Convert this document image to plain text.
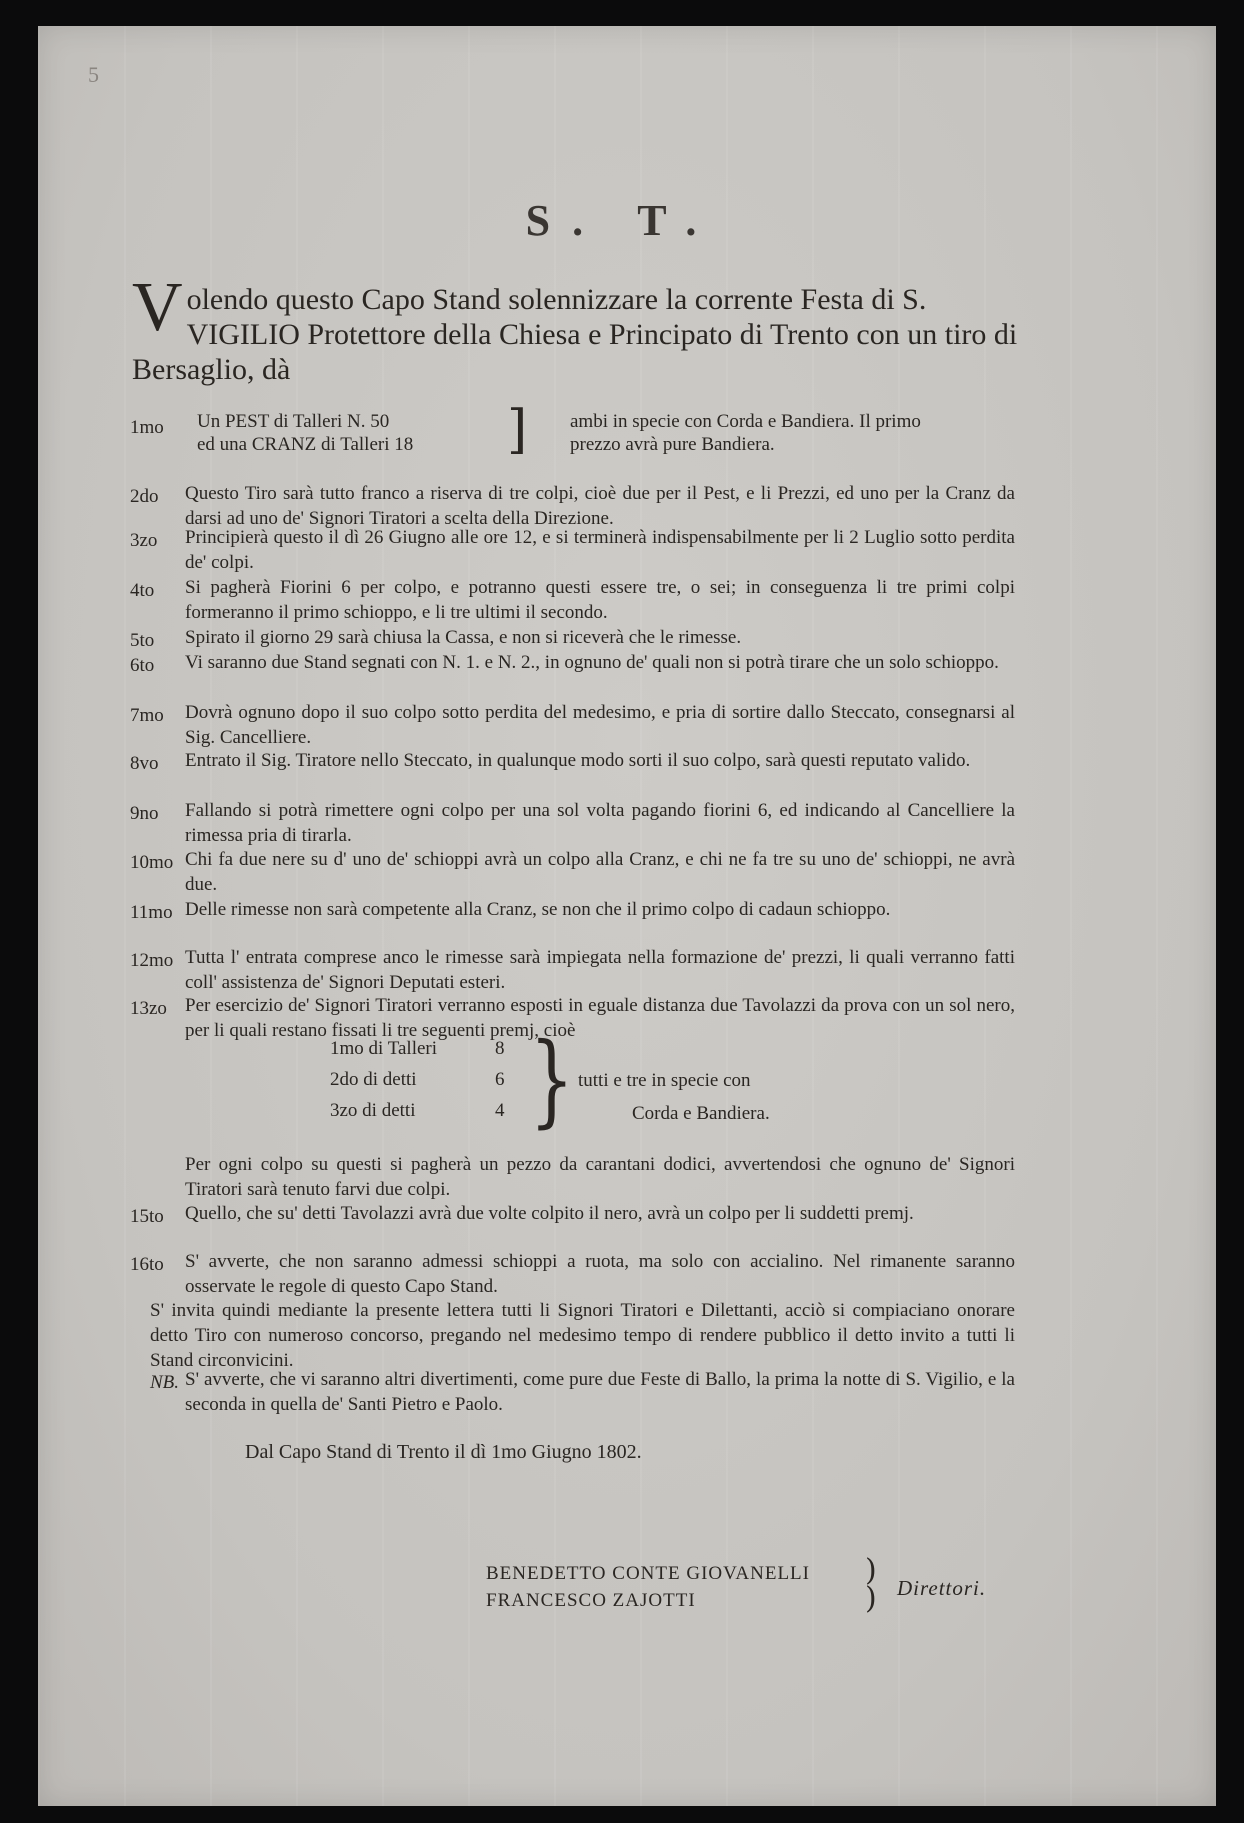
5
S. T.
Volendo questo Capo Stand solennizzare la corrente Festa di S. VIGILIO Protettore della Chiesa e Principato di Trento con un tiro di Bersaglio, dà
1mo Un PEST di Talleri N. 50
ed una CRANZ di Talleri 18 ] ambi in specie con Corda e Bandiera. Il primo
prezzo avrà pure Bandiera.
2do Questo Tiro sarà tutto franco a riserva di tre colpi, cioè due per il Pest, e li Prezzi, ed uno per la Cranz da darsi ad uno de' Signori Tiratori a scelta della Direzione.
3zo Principierà questo il dì 26 Giugno alle ore 12, e si terminerà indispensabilmente per li 2 Luglio sotto perdita de' colpi.
4to Si pagherà Fiorini 6 per colpo, e potranno questi essere tre, o sei; in conseguenza li tre primi colpi formeranno il primo schioppo, e li tre ultimi il secondo.
5to Spirato il giorno 29 sarà chiusa la Cassa, e non si riceverà che le rimesse.
6to Vi saranno due Stand segnati con N. 1. e N. 2., in ognuno de' quali non si potrà tirare che un solo schioppo.
7mo Dovrà ognuno dopo il suo colpo sotto perdita del medesimo, e pria di sortire dallo Steccato, consegnarsi al Sig. Cancelliere.
8vo Entrato il Sig. Tiratore nello Steccato, in qualunque modo sorti il suo colpo, sarà questi reputato valido.
9no Fallando si potrà rimettere ogni colpo per una sol volta pagando fiorini 6, ed indicando al Cancelliere la rimessa pria di tirarla.
10mo Chi fa due nere su d' uno de' schioppi avrà un colpo alla Cranz, e chi ne fa tre su uno de' schioppi, ne avrà due.
11mo Delle rimesse non sarà competente alla Cranz, se non che il primo colpo di cadaun schioppo.
12mo Tutta l' entrata comprese anco le rimesse sarà impiegata nella formazione de' prezzi, li quali verranno fatti coll' assistenza de' Signori Deputati esteri.
13zo Per esercizio de' Signori Tiratori verranno esposti in eguale distanza due Tavolazzi da prova con un sol nero, per li quali restano fissati li tre seguenti premj, cioè
1mo di Talleri	8
2do di detti	6
3zo di detti	4 } tutti e tre in specie con
Corda e Bandiera.
Per ogni colpo su questi si pagherà un pezzo da carantani dodici, avvertendosi che ognuno de' Signori Tiratori sarà tenuto farvi due colpi.
15to Quello, che su' detti Tavolazzi avrà due volte colpito il nero, avrà un colpo per li suddetti premj.
16to S' avverte, che non saranno admessi schioppi a ruota, ma solo con accialino. Nel rimanente saranno osservate le regole di questo Capo Stand.
S' invita quindi mediante la presente lettera tutti li Signori Tiratori e Dilettanti, acciò si compiaciano onorare detto Tiro con numeroso concorso, pregando nel medesimo tempo di rendere pubblico il detto invito a tutti li Stand circonvicini.
NB. S' avverte, che vi saranno altri divertimenti, come pure due Feste di Ballo, la prima la notte di S. Vigilio, e la seconda in quella de' Santi Pietro e Paolo.
Dal Capo Stand di Trento il dì 1mo Giugno 1802.
BENEDETTO CONTE GIOVANELLI
FRANCESCO ZAJOTTI
)
) Direttori.
